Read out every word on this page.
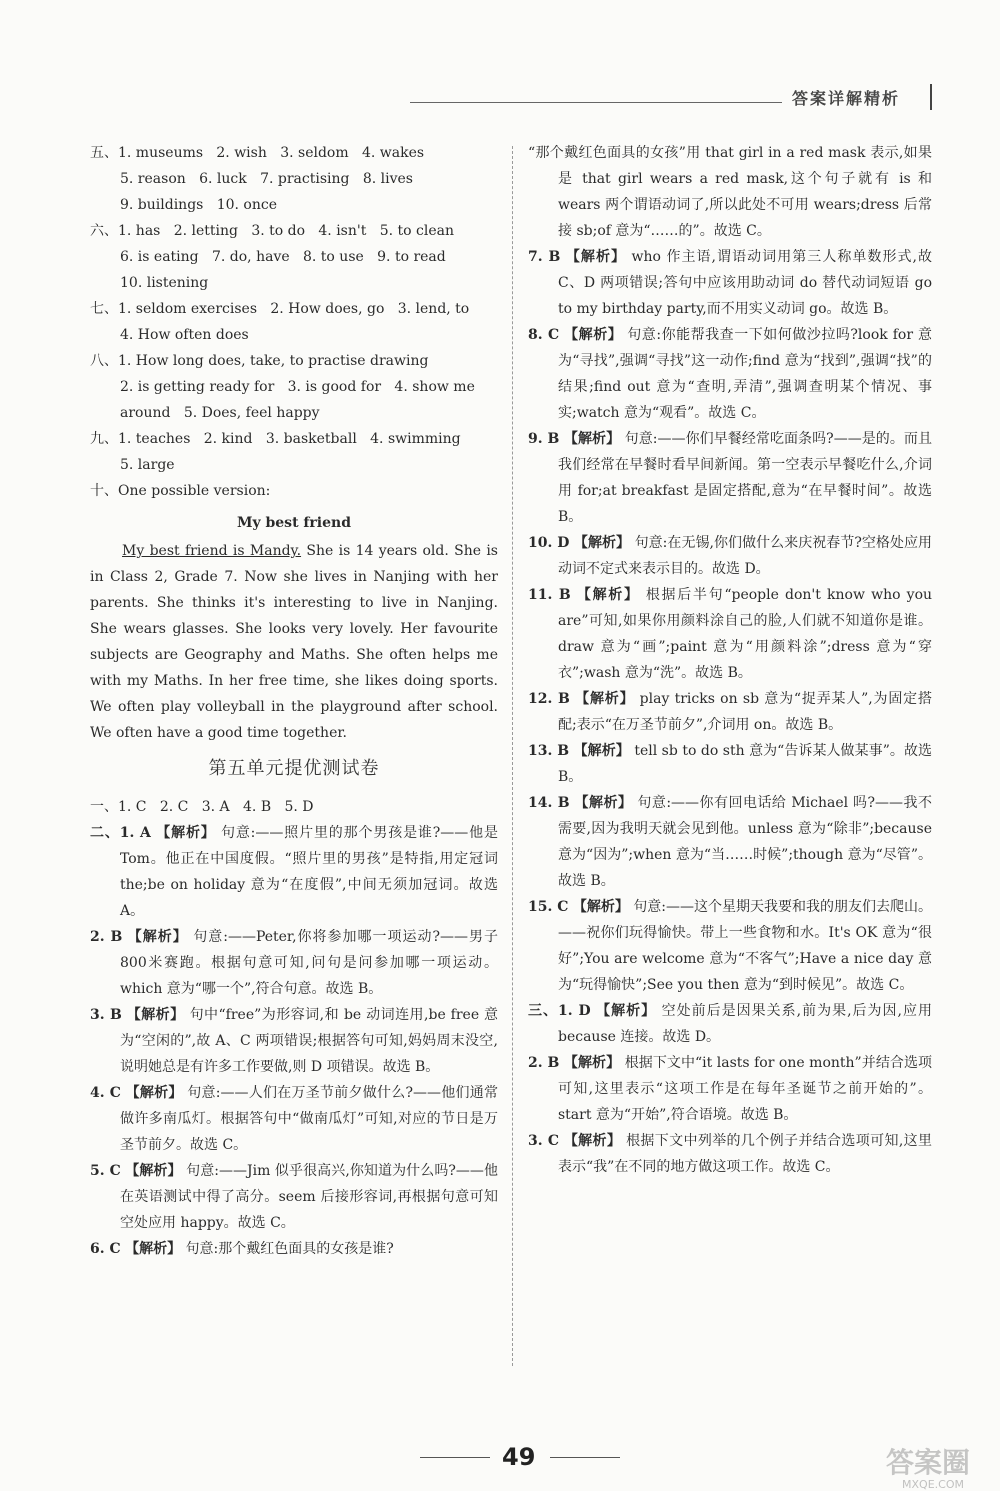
答案详解精析
五、1. museums   2. wish   3. seldom   4. wakes
5. reason   6. luck   7. practising   8. lives
9. buildings   10. once
六、1. has   2. letting   3. to do   4. isn't   5. to clean
6. is eating   7. do, have   8. to use   9. to read
10. listening
七、1. seldom exercises   2. How does, go   3. lend, to
4. How often does
八、1. How long does, take, to practise drawing
2. is getting ready for   3. is good for   4. show me
around   5. Does, feel happy
九、1. teaches   2. kind   3. basketball   4. swimming
5. large
十、One possible version:
My best friend

My best friend is Mandy. She is 14 years old. She is in Class 2, Grade 7. Now she lives in Nanjing with her parents. She thinks it's interesting to live in Nanjing. She wears glasses. She looks very lovely. Her favourite subjects are Geography and Maths. She often helps me with my Maths. In her free time, she likes doing sports. We often play volleyball in the playground after school. We often have a good time together.

第五单元提优测试卷
一、1. C   2. C   3. A   4. B   5. D
二、1. A 【解析】 句意:——照片里的那个男孩是谁?——他是Tom。他正在中国度假。“照片里的男孩”是特指,用定冠词 the;be on holiday 意为“在度假”,中间无须加冠词。故选 A。
2. B 【解析】 句意:——Peter,你将参加哪一项运动?——男子800米赛跑。根据句意可知,问句是问参加哪一项运动。which 意为“哪一个”,符合句意。故选 B。
3. B 【解析】 句中“free”为形容词,和 be 动词连用,be free 意为“空闲的”,故 A、C 两项错误;根据答句可知,妈妈周末没空,说明她总是有许多工作要做,则 D 项错误。故选 B。
4. C 【解析】 句意:——人们在万圣节前夕做什么?——他们通常做许多南瓜灯。根据答句中“做南瓜灯”可知,对应的节日是万圣节前夕。故选 C。
5. C 【解析】 句意:——Jim 似乎很高兴,你知道为什么吗?——他在英语测试中得了高分。seem 后接形容词,再根据句意可知空处应用 happy。故选 C。
6. C 【解析】 句意:那个戴红色面具的女孩是谁?
“那个戴红色面具的女孩”用 that girl in a red mask 表示,如果是 that girl wears a red mask,这个句子就有 is 和 wears 两个谓语动词了,所以此处不可用 wears;dress 后常接 sb;of 意为“……的”。故选 C。
7. B 【解析】 who 作主语,谓语动词用第三人称单数形式,故 C、D 两项错误;答句中应该用助动词 do 替代动词短语 go to my birthday party,而不用实义动词 go。故选 B。
8. C 【解析】 句意:你能帮我查一下如何做沙拉吗?look for 意为“寻找”,强调“寻找”这一动作;find 意为“找到”,强调“找”的结果;find out 意为“查明,弄清”,强调查明某个情况、事实;watch 意为“观看”。故选 C。
9. B 【解析】 句意:——你们早餐经常吃面条吗?——是的。而且我们经常在早餐时看早间新闻。第一空表示早餐吃什么,介词用 for;at breakfast 是固定搭配,意为“在早餐时间”。故选 B。
10. D 【解析】 句意:在无锡,你们做什么来庆祝春节?空格处应用动词不定式来表示目的。故选 D。
11. B 【解析】 根据后半句“people don't know who you are”可知,如果你用颜料涂自己的脸,人们就不知道你是谁。draw 意为“画”;paint 意为“用颜料涂”;dress 意为“穿衣”;wash 意为“洗”。故选 B。
12. B 【解析】 play tricks on sb 意为“捉弄某人”,为固定搭配;表示“在万圣节前夕”,介词用 on。故选 B。
13. B 【解析】 tell sb to do sth 意为“告诉某人做某事”。故选 B。
14. B 【解析】 句意:——你有回电话给 Michael 吗?——我不需要,因为我明天就会见到他。unless 意为“除非”;because 意为“因为”;when 意为“当……时候”;though 意为“尽管”。故选 B。
15. C 【解析】 句意:——这个星期天我要和我的朋友们去爬山。——祝你们玩得愉快。带上一些食物和水。It's OK 意为“很好”;You are welcome 意为“不客气”;Have a nice day 意为“玩得愉快”;See you then 意为“到时候见”。故选 C。
三、1. D 【解析】 空处前后是因果关系,前为果,后为因,应用 because 连接。故选 D。
2. B 【解析】 根据下文中“it lasts for one month”并结合选项可知,这里表示“这项工作是在每年圣诞节之前开始的”。start 意为“开始”,符合语境。故选 B。
3. C 【解析】 根据下文中列举的几个例子并结合选项可知,这里表示“我”在不同的地方做这项工作。故选 C。
49	答案圈
MXQE.COM
